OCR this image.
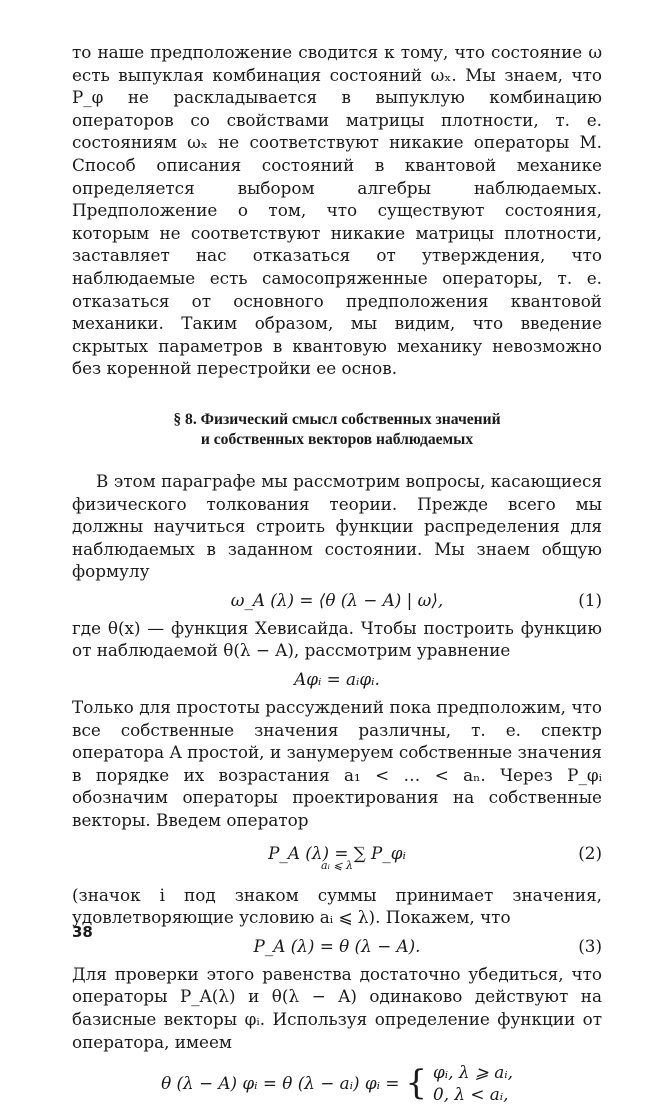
то наше предположение сводится к тому, что состояние ω есть выпуклая комбинация состояний ωₓ. Мы знаем, что P_φ не раскладывается в выпуклую комбинацию операторов со свойствами матрицы плотности, т. е. состояниям ωₓ не соответствуют никакие операторы M. Способ описания состояний в квантовой механике определяется выбором алгебры наблюдаемых. Предположение о том, что существуют состояния, которым не соответствуют никакие матрицы плотности, заставляет нас отказаться от утверждения, что наблюдаемые есть самосопряженные операторы, т. е. отказаться от основного предположения квантовой механики. Таким образом, мы видим, что введение скрытых параметров в квантовую механику невозможно без коренной перестройки ее основ.

§ 8. Физический смысл собственных значений
и собственных векторов наблюдаемых

В этом параграфе мы рассмотрим вопросы, касающиеся физического толкования теории. Прежде всего мы должны научиться строить функции распределения для наблюдаемых в заданном состоянии. Мы знаем общую формулу

ω_A (λ) = ⟨θ (λ − A) | ω⟩,	(1)

где θ(x) — функция Хевисайда. Чтобы построить функцию от наблюдаемой θ(λ − A), рассмотрим уравнение

Aφᵢ = aᵢφᵢ.

Только для простоты рассуждений пока предположим, что все собственные значения различны, т. е. спектр оператора A простой, и занумеруем собственные значения в порядке их возрастания a₁ < … < aₙ. Через P_φᵢ обозначим операторы проектирования на собственные векторы. Введем оператор

P_A (λ) = ∑ P_φᵢ
aᵢ ⩽ λ
(2)

(значок i под знаком суммы принимает значения, удовлетворяющие условию aᵢ ⩽ λ). Покажем, что

P_A (λ) = θ (λ − A).	(3)

Для проверки этого равенства достаточно убедиться, что операторы P_A(λ) и θ(λ − A) одинаково действуют на базисные векторы φᵢ. Используя определение функции от оператора, имеем

θ (λ − A) φᵢ = θ (λ − aᵢ) φᵢ = { φᵢ, λ ⩾ aᵢ,
0, λ < aᵢ,
38
